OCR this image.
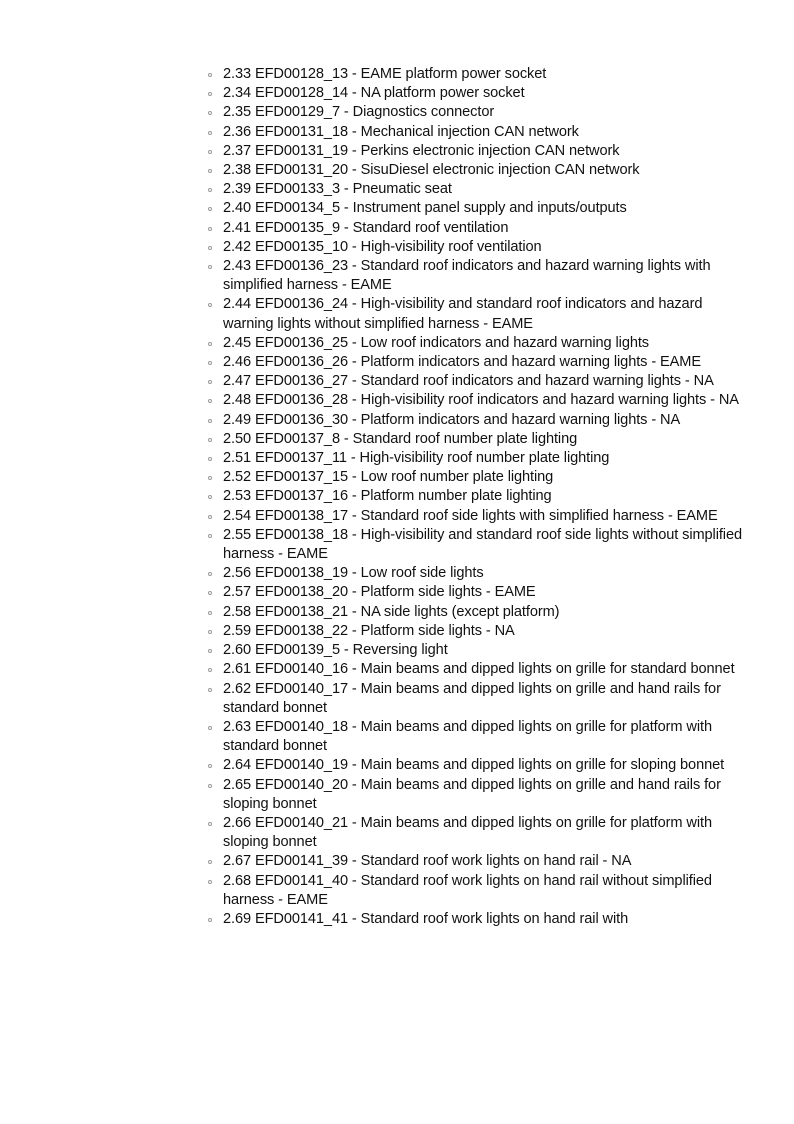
2.33 EFD00128_13 - EAME platform power socket
2.34 EFD00128_14 - NA platform power socket
2.35 EFD00129_7 - Diagnostics connector
2.36 EFD00131_18 - Mechanical injection CAN network
2.37 EFD00131_19 - Perkins electronic injection CAN network
2.38 EFD00131_20 - SisuDiesel electronic injection CAN network
2.39 EFD00133_3 - Pneumatic seat
2.40 EFD00134_5 - Instrument panel supply and inputs/outputs
2.41 EFD00135_9 - Standard roof ventilation
2.42 EFD00135_10 - High-visibility roof ventilation
2.43 EFD00136_23 - Standard roof indicators and hazard warning lights with simplified harness - EAME
2.44 EFD00136_24 - High-visibility and standard roof indicators and hazard warning lights without simplified harness - EAME
2.45 EFD00136_25 - Low roof indicators and hazard warning lights
2.46 EFD00136_26 - Platform indicators and hazard warning lights - EAME
2.47 EFD00136_27 - Standard roof indicators and hazard warning lights - NA
2.48 EFD00136_28 - High-visibility roof indicators and hazard warning lights - NA
2.49 EFD00136_30 - Platform indicators and hazard warning lights - NA
2.50 EFD00137_8 - Standard roof number plate lighting
2.51 EFD00137_11 - High-visibility roof number plate lighting
2.52 EFD00137_15 - Low roof number plate lighting
2.53 EFD00137_16 - Platform number plate lighting
2.54 EFD00138_17 - Standard roof side lights with simplified harness - EAME
2.55 EFD00138_18 - High-visibility and standard roof side lights without simplified harness - EAME
2.56 EFD00138_19 - Low roof side lights
2.57 EFD00138_20 - Platform side lights - EAME
2.58 EFD00138_21 - NA side lights (except platform)
2.59 EFD00138_22 - Platform side lights - NA
2.60 EFD00139_5 - Reversing light
2.61 EFD00140_16 - Main beams and dipped lights on grille for standard bonnet
2.62 EFD00140_17 - Main beams and dipped lights on grille and hand rails for standard bonnet
2.63 EFD00140_18 - Main beams and dipped lights on grille for platform with standard bonnet
2.64 EFD00140_19 - Main beams and dipped lights on grille for sloping bonnet
2.65 EFD00140_20 - Main beams and dipped lights on grille and hand rails for sloping bonnet
2.66 EFD00140_21 - Main beams and dipped lights on grille for platform with sloping bonnet
2.67 EFD00141_39 - Standard roof work lights on hand rail - NA
2.68 EFD00141_40 - Standard roof work lights on hand rail without simplified harness - EAME
2.69 EFD00141_41 - Standard roof work lights on hand rail with
